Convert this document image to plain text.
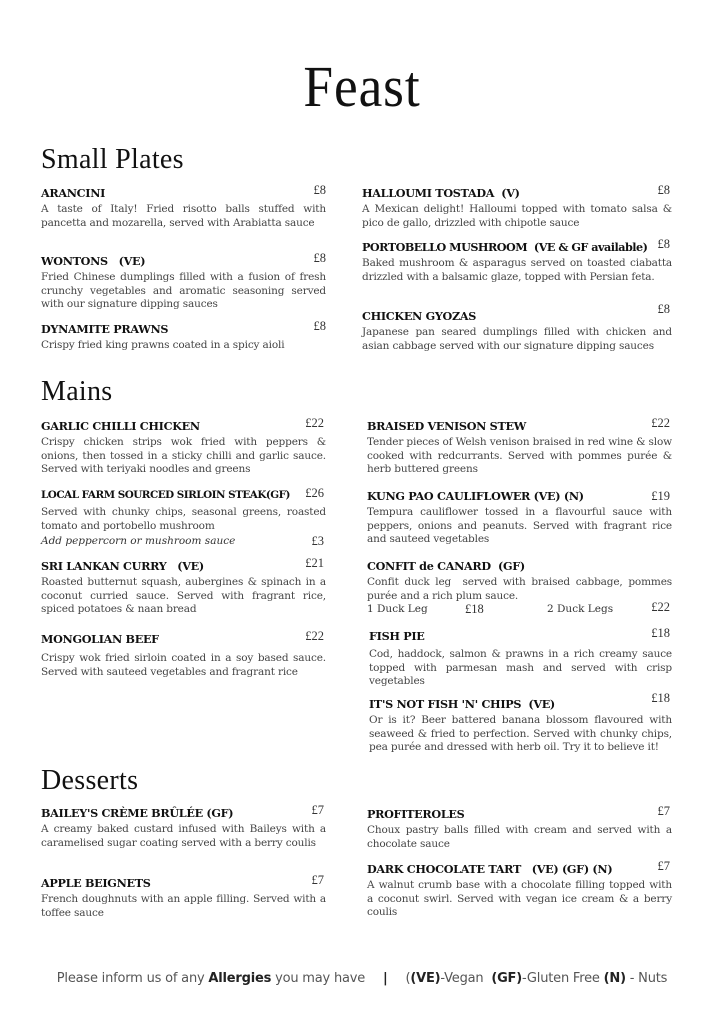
Feast
Small Plates
ARANCINI	£8
A taste of Italy! Fried risotto balls stuffed with pancetta and mozarella, served with Arabiatta sauce
WONTONS   (VE)	£8
Fried Chinese dumplings filled with a fusion of fresh crunchy vegetables and aromatic seasoning served with our signature dipping sauces
DYNAMITE PRAWNS	£8
Crispy fried king prawns coated in a spicy aioli
HALLOUMI TOSTADA  (V)	£8
A Mexican delight! Halloumi topped with tomato salsa & pico de gallo, drizzled with chipotle sauce
PORTOBELLO MUSHROOM  (VE & GF available) £8
Baked mushroom & asparagus served on toasted ciabatta drizzled with a balsamic glaze, topped with Persian feta.
CHICKEN GYOZAS	£8
Japanese pan seared dumplings filled with chicken and asian cabbage served with our signature dipping sauces
Mains
GARLIC CHILLI CHICKEN	£22
Crispy chicken strips wok fried with peppers & onions, then tossed in a sticky chilli and garlic sauce. Served with teriyaki noodles and greens
LOCAL FARM SOURCED SIRLOIN STEAK(GF) £26
Served with chunky chips, seasonal greens, roasted tomato and portobello mushroom
Add peppercorn or mushroom sauce	£3
SRI LANKAN CURRY   (VE)	£21
Roasted butternut squash, aubergines & spinach in a coconut curried sauce. Served with fragrant rice, spiced potatoes & naan bread
MONGOLIAN BEEF	£22
Crispy wok fried sirloin coated in a soy based sauce. Served with sauteed vegetables and fragrant rice
BRAISED VENISON STEW	£22
Tender pieces of Welsh venison braised in red wine & slow cooked with redcurrants. Served with pommes purée & herb buttered greens
KUNG PAO CAULIFLOWER (VE) (N)	£19
Tempura cauliflower tossed in a flavourful sauce with peppers, onions and peanuts. Served with fragrant rice and sauteed vegetables
CONFIT de CANARD  (GF)
Confit duck leg  served with braised cabbage, pommes  purée and a rich plum sauce.
1 Duck Leg	£18	2 Duck Legs	£22
FISH PIE	£18
Cod, haddock, salmon & prawns in a rich creamy sauce topped with parmesan mash and served with crisp vegetables
IT'S NOT FISH 'N' CHIPS  (VE)	£18
Or is it? Beer battered banana blossom flavoured with seaweed & fried to perfection. Served with chunky chips, pea purée and dressed with herb oil. Try it to believe it!
Desserts
BAILEY'S CRÈME BRÛLÉE (GF)	£7
A creamy baked custard infused with Baileys with a caramelised sugar coating served with a berry coulis
APPLE BEIGNETS	£7
French doughnuts with an apple filling. Served with a toffee sauce
PROFITEROLES	£7
Choux pastry balls filled with cream and served with a chocolate sauce
DARK CHOCOLATE TART   (VE) (GF) (N)	£7
A walnut crumb base with a chocolate filling topped with a coconut swirl. Served with vegan ice cream & a berry coulis
Please inform us of any Allergies you may have | ((VE)-Vegan  (GF)-Gluten Free (N) - Nuts
